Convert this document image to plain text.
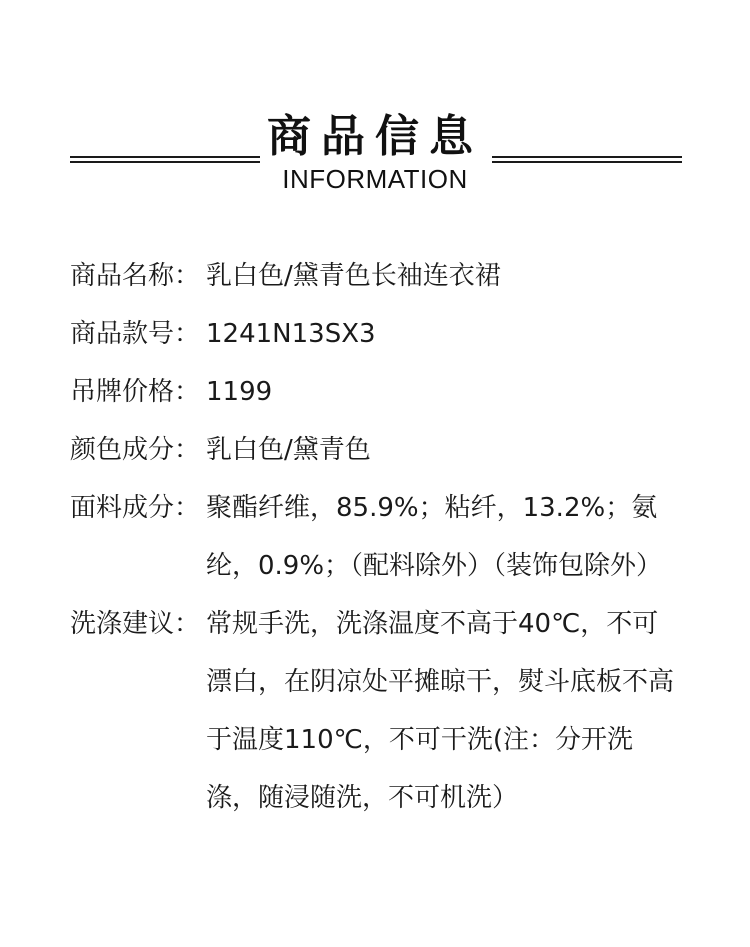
商品信息
INFORMATION
商品名称： 乳白色/黛青色长袖连衣裙
商品款号： 1241N13SX3
吊牌价格： 1199
颜色成分： 乳白色/黛青色
面料成分： 聚酯纤维，85.9%；粘纤，13.2%；氨纶，0.9%；（配料除外）（装饰包除外）
洗涤建议： 常规手洗，洗涤温度不高于40℃，不可漂白，在阴凉处平摊晾干，熨斗底板不高于温度110℃，不可干洗(注：分开洗涤，随浸随洗，不可机洗）
